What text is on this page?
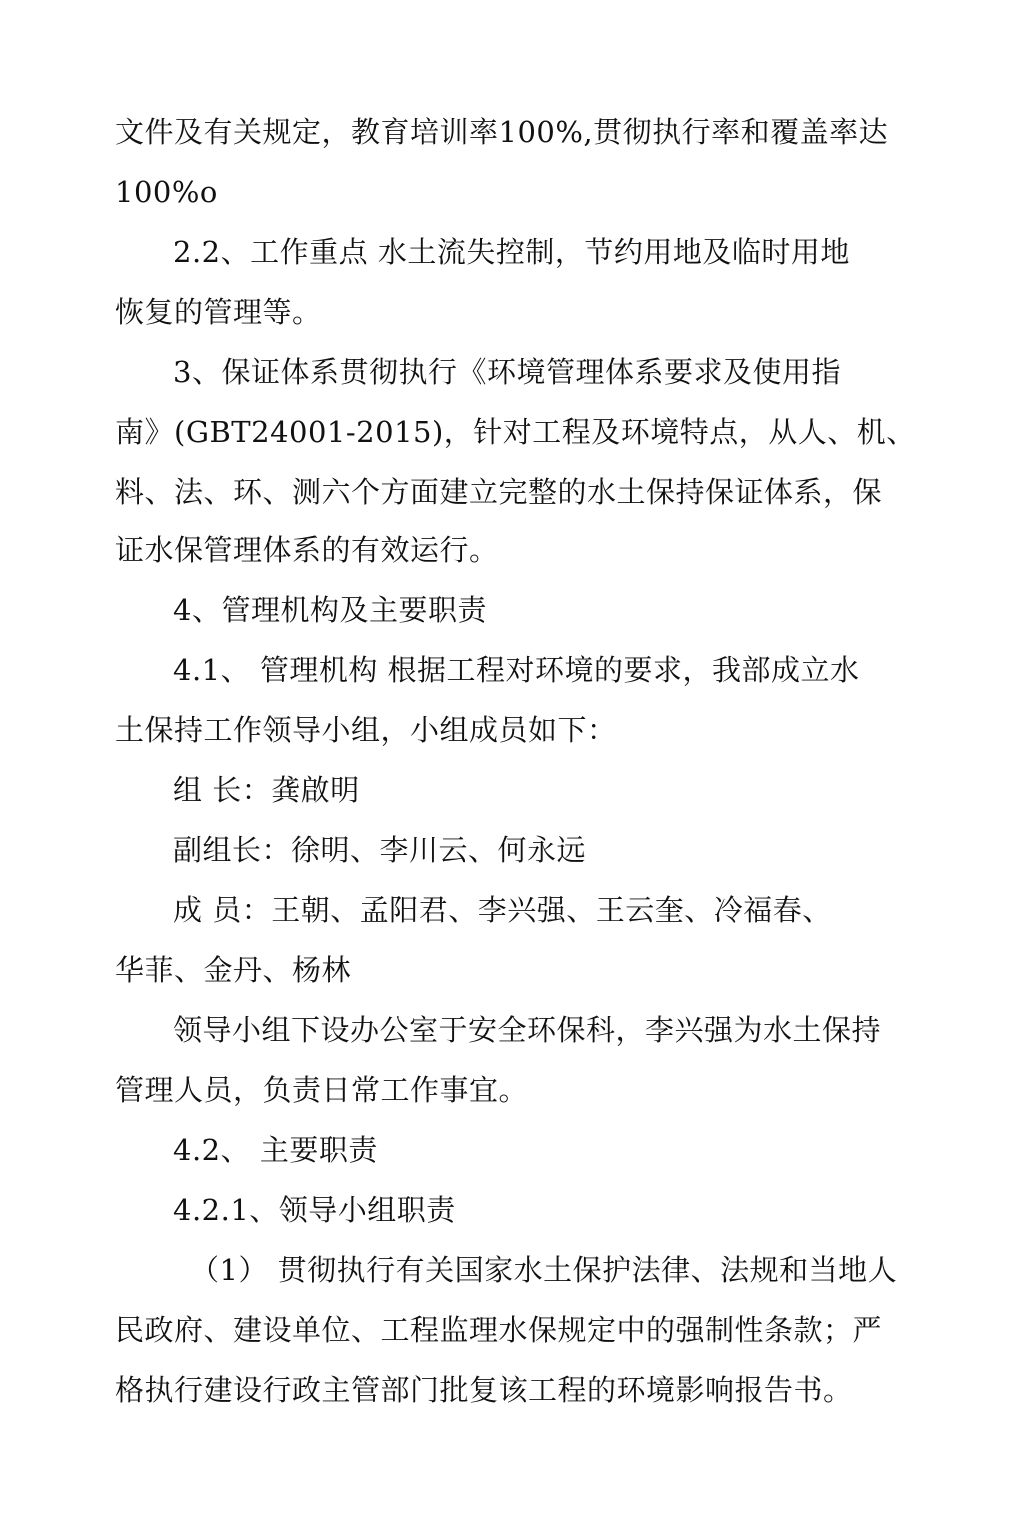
文件及有关规定，教育培训率100%,贯彻执行率和覆盖率达
100%o
2.2、工作重点 水土流失控制，节约用地及临时用地
恢复的管理等。
3、保证体系贯彻执行《环境管理体系要求及使用指
南》(GBT24001-2015)，针对工程及环境特点，从人、机、
料、法、环、测六个方面建立完整的水土保持保证体系，保
证水保管理体系的有效运行。
4、管理机构及主要职责
4.1、 管理机构 根据工程对环境的要求，我部成立水
土保持工作领导小组，小组成员如下：
组 长：龚啟明
副组长：徐明、李川云、何永远
成 员：王朝、孟阳君、李兴强、王云奎、冷福春、
华菲、金丹、杨林
领导小组下设办公室于安全环保科，李兴强为水土保持
管理人员，负责日常工作事宜。
4.2、 主要职责
4.2.1、领导小组职责
（1） 贯彻执行有关国家水土保护法律、法规和当地人
民政府、建设单位、工程监理水保规定中的强制性条款；严
格执行建设行政主管部门批复该工程的环境影响报告书。
